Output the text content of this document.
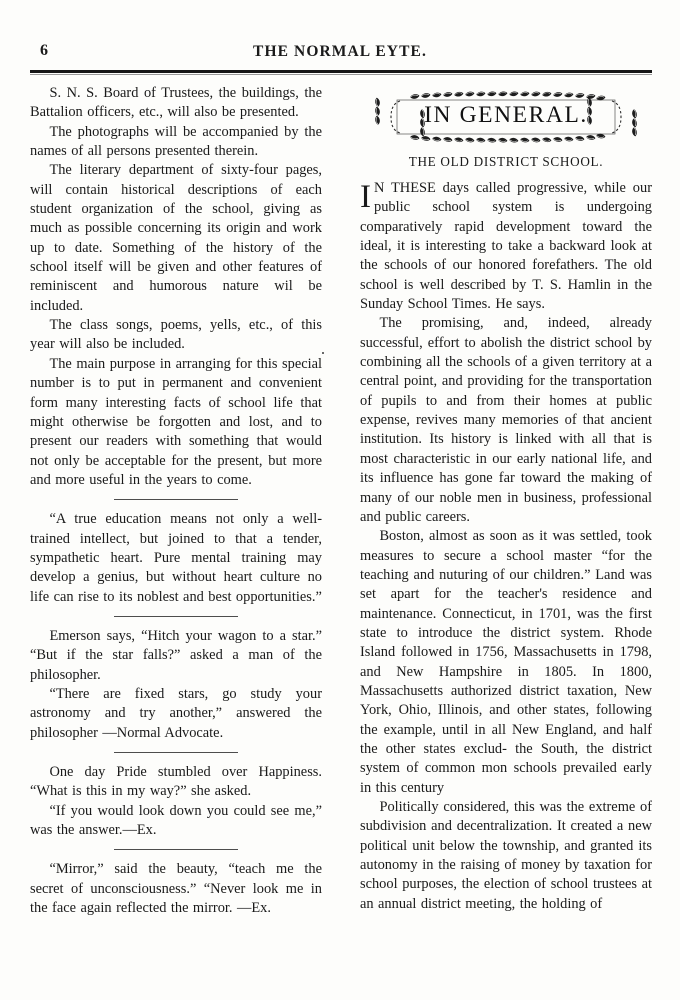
6	THE NORMAL EYTE.

S. N. S. Board of Trustees, the buildings, the Battalion officers, etc., will also be presented.

The photographs will be accompanied by the names of all persons presented therein.

The literary department of sixty-four pages, will contain historical descriptions of each student organization of the school, giving as much as possible concerning its origin and work up to date. Something of the history of the school itself will be given and other features of reminiscent and humorous nature wil be included.

The class songs, poems, yells, etc., of this year will also be included.

The main purpose in arranging for this special number is to put in permanent and convenient form many interesting facts of school life that might otherwise be forgotten and lost, and to present our readers with something that would not only be acceptable for the present, but more and more useful in the years to come.

“A true education means not only a well-trained intellect, but joined to that a tender, sympathetic heart. Pure mental training may develop a genius, but without heart culture no life can rise to its noblest and best opportunities.”

Emerson says, “Hitch your wagon to a star.” “But if the star falls?” asked a man of the philosopher.

“There are fixed stars, go study your astronomy and try another,” answered the philosopher —Normal Advocate.

One day Pride stumbled over Happiness. “What is this in my way?” she asked.

“If you would look down you could see me,” was the answer.—Ex.

“Mirror,” said the beauty, “teach me the secret of unconsciousness.” “Never look me in the face again reflected the mirror. —Ex.

IN GENERAL.
THE OLD DISTRICT SCHOOL.

I N THESE days called progressive, while our public school system is undergoing comparatively rapid development toward the ideal, it is interesting to take a backward look at the schools of our honored forefathers. The old school is well described by T. S. Hamlin in the Sunday School Times. He says.

The promising, and, indeed, already successful, effort to abolish the district school by combining all the schools of a given territory at a central point, and providing for the transportation of pupils to and from their homes at public expense, revives many memories of that ancient institution. Its history is linked with all that is most characteristic in our early national life, and its influence has gone far toward the making of many of our noble men in business, professional and public careers.

Boston, almost as soon as it was settled, took measures to secure a school master “for the teaching and nuturing of our children.” Land was set apart for the teacher's residence and maintenance. Connecticut, in 1701, was the first state to introduce the district system. Rhode Island followed in 1756, Massachusetts in 1798, and New Hampshire in 1805. In 1800, Massachusetts authorized district taxation, New York, Ohio, Illinois, and other states, following the example, until in all New England, and half the other states exclud- the South, the district system of common mon schools prevailed early in this century

Politically considered, this was the extreme of subdivision and decentralization. It created a new political unit below the township, and granted its autonomy in the raising of money by taxation for school purposes, the election of school trustees at an annual district meeting, the holding of
